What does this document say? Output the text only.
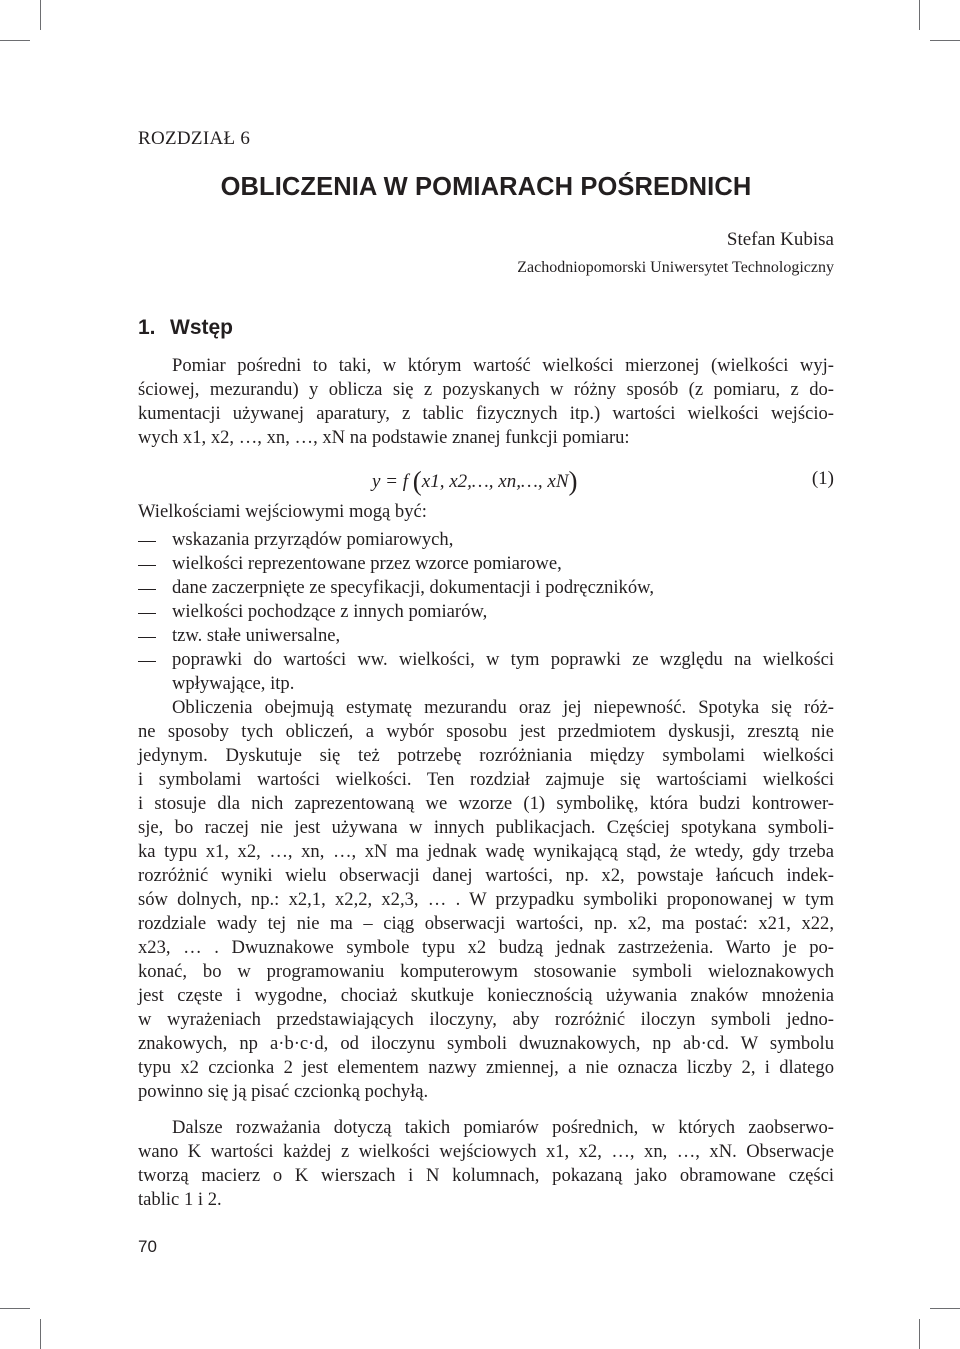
ROZDZIAŁ 6
OBLICZENIA W POMIARACH POŚREDNICH
Stefan Kubisa
Zachodniopomorski Uniwersytet Technologiczny
1. Wstęp
Pomiar pośredni to taki, w którym wartość wielkości mierzonej (wielkości wyj-
ściowej, mezurandu) y oblicza się z pozyskanych w różny sposób (z pomiaru, z do-
kumentacji używanej aparatury, z tablic fizycznych itp.) wartości wielkości wejścio-
wych x1, x2, …, xn, …, xN na podstawie znanej funkcji pomiaru:
y = f (x1, x2,…, xn,…, xN)	(1)
Wielkościami wejściowymi mogą być:
wskazania przyrządów pomiarowych,
wielkości reprezentowane przez wzorce pomiarowe,
dane zaczerpnięte ze specyfikacji, dokumentacji i podręczników,
wielkości pochodzące z innych pomiarów,
tzw. stałe uniwersalne,
poprawki do wartości ww. wielkości, w tym poprawki ze względu na wielkości
wpływające, itp.
Obliczenia obejmują estymatę mezurandu oraz jej niepewność. Spotyka się róż-
ne sposoby tych obliczeń, a wybór sposobu jest przedmiotem dyskusji, zresztą nie
jedynym. Dyskutuje się też potrzebę rozróżniania między symbolami wielkości
i symbolami wartości wielkości. Ten rozdział zajmuje się wartościami wielkości
i stosuje dla nich zaprezentowaną we wzorze (1) symbolikę, która budzi kontrower-
sje, bo raczej nie jest używana w innych publikacjach. Częściej spotykana symboli-
ka typu x1, x2, …, xn, …, xN ma jednak wadę wynikającą stąd, że wtedy, gdy trzeba
rozróżnić wyniki wielu obserwacji danej wartości, np. x2, powstaje łańcuch indek-
sów dolnych, np.: x2,1, x2,2, x2,3, … . W przypadku symboliki proponowanej w tym
rozdziale wady tej nie ma – ciąg obserwacji wartości, np. x2, ma postać: x21, x22,
x23, … . Dwuznakowe symbole typu x2 budzą jednak zastrzeżenia. Warto je po-
konać, bo w programowaniu komputerowym stosowanie symboli wieloznakowych
jest częste i wygodne, chociaż skutkuje koniecznością używania znaków mnożenia
w wyrażeniach przedstawiających iloczyny, aby rozróżnić iloczyn symboli jedno-
znakowych, np a·b·c·d, od iloczynu symboli dwuznakowych, np ab·cd. W symbolu
typu x2 czcionka 2 jest elementem nazwy zmiennej, a nie oznacza liczby 2, i dlatego
powinno się ją pisać czcionką pochyłą.
Dalsze rozważania dotyczą takich pomiarów pośrednich, w których zaobserwo-
wano K wartości każdej z wielkości wejściowych x1, x2, …, xn, …, xN. Obserwacje
tworzą macierz o K wierszach i N kolumnach, pokazaną jako obramowane części
tablic 1 i 2.
70
